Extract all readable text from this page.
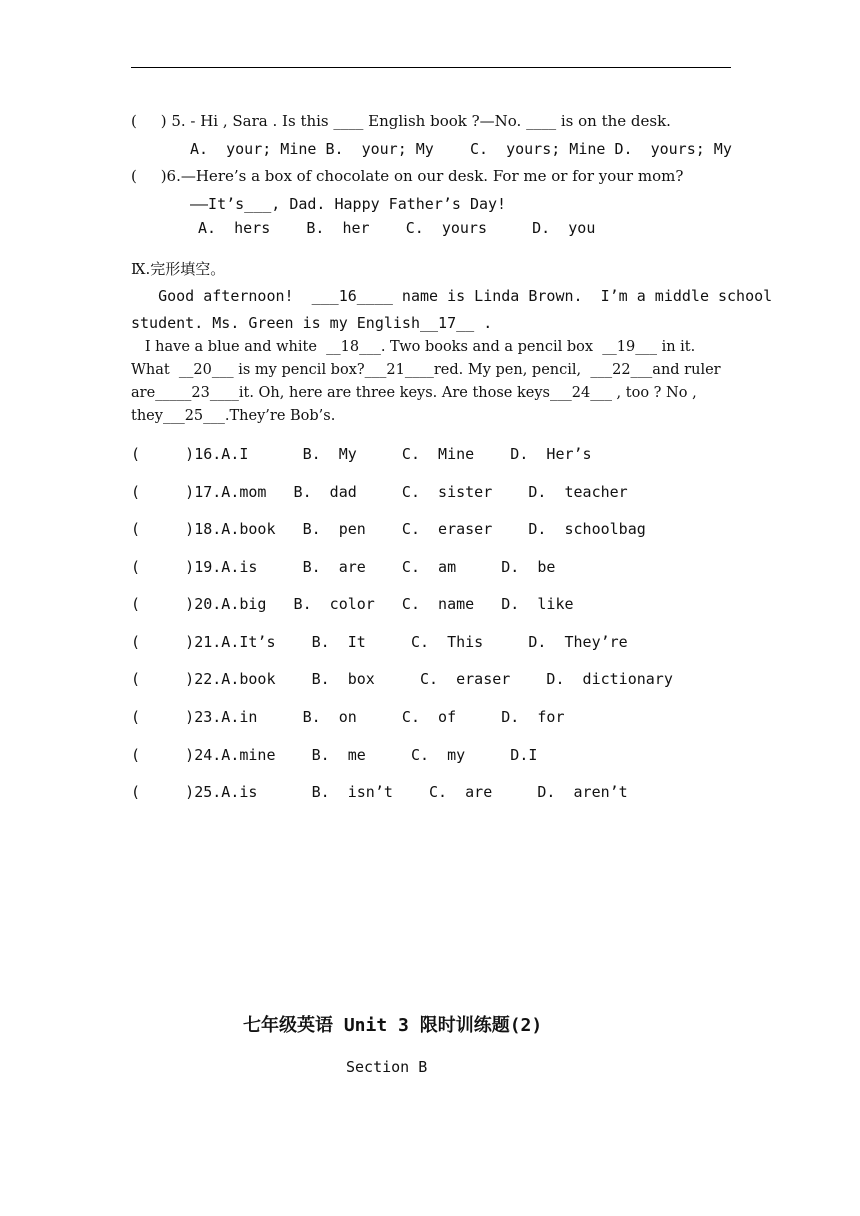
(     ) 5. - Hi , Sara . Is this ____ English book ?—No. ____ is on the desk.
A.  your; Mine B.  your; My    C.  yours; Mine D.  yours; My
(     )6.—Here’s a box of chocolate on our desk. For me or for your mom?
——It’s___, Dad. Happy Father’s Day!
A.  hers    B.  her    C.  yours     D.  you
Ⅸ.完形填空。
Good afternoon!  ___16____ name is Linda Brown.  I’m a middle school
student. Ms. Green is my English__17__ .
I have a blue and white  __18___. Two books and a pencil box  __19___ in it.
What  __20___ is my pencil box?___21____red. My pen, pencil,  ___22___and ruler
are_____23____it. Oh, here are three keys. Are those keys___24___ , too ? No ,
they___25___.They’re Bob’s.
(     )16.A.I      B.  My     C.  Mine    D.  Her’s
(     )17.A.mom   B.  dad     C.  sister    D.  teacher
(     )18.A.book   B.  pen    C.  eraser    D.  schoolbag
(     )19.A.is     B.  are    C.  am     D.  be
(     )20.A.big   B.  color   C.  name   D.  like
(     )21.A.It’s    B.  It     C.  This     D.  They’re
(     )22.A.book    B.  box     C.  eraser    D.  dictionary
(     )23.A.in     B.  on     C.  of     D.  for
(     )24.A.mine    B.  me     C.  my     D.I
(     )25.A.is      B.  isn’t    C.  are     D.  aren’t
七年级英语 Unit 3 限时训练题(2)
Section B
